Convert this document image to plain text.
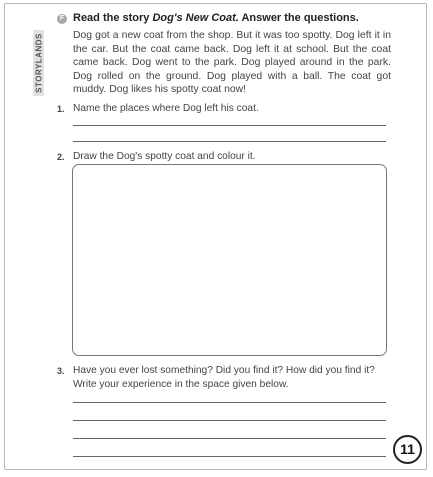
F
STORYLANDS
Read the story Dog's New Coat. Answer the questions.
Dog got a new coat from the shop. But it was too spotty. Dog left it in the car. But the coat came back. Dog left it at school. But the coat came back. Dog went to the park. Dog played around in the park. Dog rolled on the ground. Dog played with a ball. The coat got muddy. Dog likes his spotty coat now!
1. Name the places where Dog left his coat.
2. Draw the Dog's spotty coat and colour it.
3. Have you ever lost something? Did you find it? How did you find it? Write your experience in the space given below.
11
